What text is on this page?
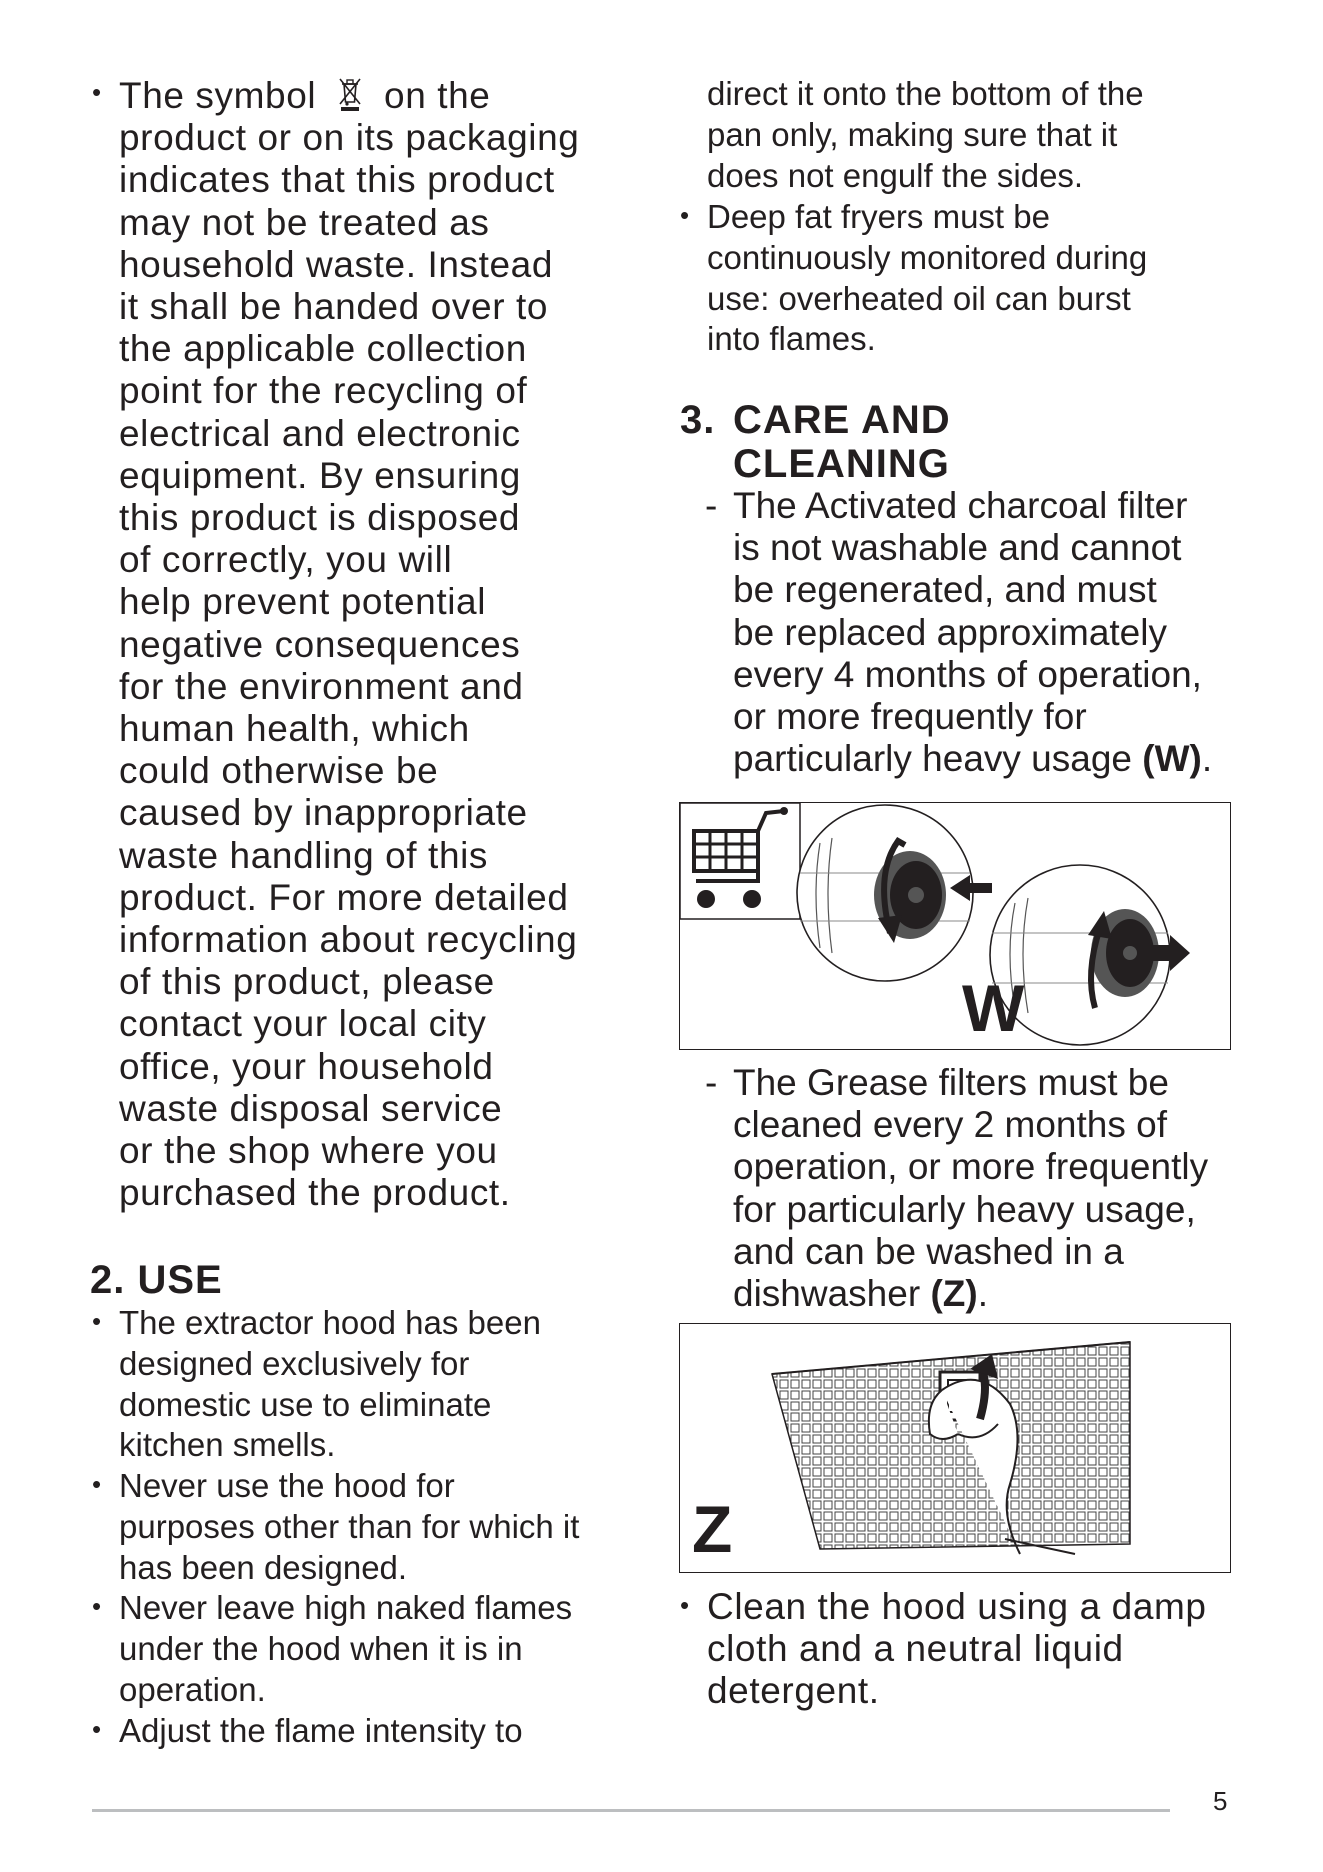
• The symbol on the
product or on its packaging
indicates that this product
may not be treated as
household waste. Instead
it shall be handed over to
the applicable collection
point for the recycling of
electrical and electronic
equipment. By ensuring
this product is disposed
of correctly, you will
help prevent potential
negative consequences
for the environment and
human health, which
could otherwise be
caused by inappropriate
waste handling of this
product. For more detailed
information about recycling
of this product, please
contact your local city
office, your household
waste disposal service
or the shop where you
purchased the product.
2. USE
• The extractor hood has been
designed exclusively for
domestic use to eliminate
kitchen smells.
• Never use the hood for
purposes other than for which it
has been designed.
• Never leave high naked flames
under the hood when it is in
operation.
• Adjust the flame intensity to
direct it onto the bottom of the
pan only, making sure that it
does not engulf the sides.
• Deep fat fryers must be
continuously monitored during
use: overheated oil can burst
into flames.
3. CARE AND
CLEANING
- The Activated charcoal filter
is not washable and cannot
be regenerated, and must
be replaced approximately
every 4 months of operation,
or more frequently for
particularly heavy usage (W).
W
- The Grease filters must be
cleaned every 2 months of
operation, or more frequently
for particularly heavy usage,
and can be washed in a
dishwasher (Z).
Z
• Clean the hood using a damp
cloth and a neutral liquid
detergent.
5
